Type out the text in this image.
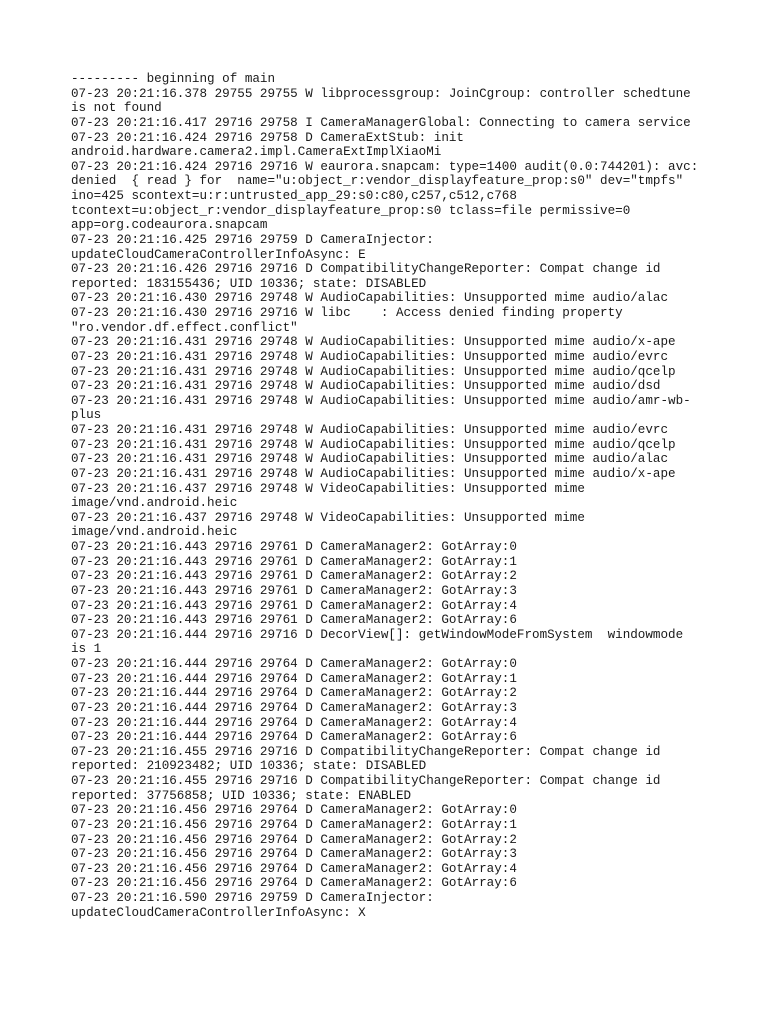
--------- beginning of main
07-23 20:21:16.378 29755 29755 W libprocessgroup: JoinCgroup: controller schedtune
is not found
07-23 20:21:16.417 29716 29758 I CameraManagerGlobal: Connecting to camera service
07-23 20:21:16.424 29716 29758 D CameraExtStub: init
android.hardware.camera2.impl.CameraExtImplXiaoMi
07-23 20:21:16.424 29716 29716 W eaurora.snapcam: type=1400 audit(0.0:744201): avc:
denied  { read } for  name="u:object_r:vendor_displayfeature_prop:s0" dev="tmpfs"
ino=425 scontext=u:r:untrusted_app_29:s0:c80,c257,c512,c768
tcontext=u:object_r:vendor_displayfeature_prop:s0 tclass=file permissive=0
app=org.codeaurora.snapcam
07-23 20:21:16.425 29716 29759 D CameraInjector:
updateCloudCameraControllerInfoAsync: E
07-23 20:21:16.426 29716 29716 D CompatibilityChangeReporter: Compat change id
reported: 183155436; UID 10336; state: DISABLED
07-23 20:21:16.430 29716 29748 W AudioCapabilities: Unsupported mime audio/alac
07-23 20:21:16.430 29716 29716 W libc    : Access denied finding property
"ro.vendor.df.effect.conflict"
07-23 20:21:16.431 29716 29748 W AudioCapabilities: Unsupported mime audio/x-ape
07-23 20:21:16.431 29716 29748 W AudioCapabilities: Unsupported mime audio/evrc
07-23 20:21:16.431 29716 29748 W AudioCapabilities: Unsupported mime audio/qcelp
07-23 20:21:16.431 29716 29748 W AudioCapabilities: Unsupported mime audio/dsd
07-23 20:21:16.431 29716 29748 W AudioCapabilities: Unsupported mime audio/amr-wb-
plus
07-23 20:21:16.431 29716 29748 W AudioCapabilities: Unsupported mime audio/evrc
07-23 20:21:16.431 29716 29748 W AudioCapabilities: Unsupported mime audio/qcelp
07-23 20:21:16.431 29716 29748 W AudioCapabilities: Unsupported mime audio/alac
07-23 20:21:16.431 29716 29748 W AudioCapabilities: Unsupported mime audio/x-ape
07-23 20:21:16.437 29716 29748 W VideoCapabilities: Unsupported mime
image/vnd.android.heic
07-23 20:21:16.437 29716 29748 W VideoCapabilities: Unsupported mime
image/vnd.android.heic
07-23 20:21:16.443 29716 29761 D CameraManager2: GotArray:0
07-23 20:21:16.443 29716 29761 D CameraManager2: GotArray:1
07-23 20:21:16.443 29716 29761 D CameraManager2: GotArray:2
07-23 20:21:16.443 29716 29761 D CameraManager2: GotArray:3
07-23 20:21:16.443 29716 29761 D CameraManager2: GotArray:4
07-23 20:21:16.443 29716 29761 D CameraManager2: GotArray:6
07-23 20:21:16.444 29716 29716 D DecorView[]: getWindowModeFromSystem  windowmode
is 1
07-23 20:21:16.444 29716 29764 D CameraManager2: GotArray:0
07-23 20:21:16.444 29716 29764 D CameraManager2: GotArray:1
07-23 20:21:16.444 29716 29764 D CameraManager2: GotArray:2
07-23 20:21:16.444 29716 29764 D CameraManager2: GotArray:3
07-23 20:21:16.444 29716 29764 D CameraManager2: GotArray:4
07-23 20:21:16.444 29716 29764 D CameraManager2: GotArray:6
07-23 20:21:16.455 29716 29716 D CompatibilityChangeReporter: Compat change id
reported: 210923482; UID 10336; state: DISABLED
07-23 20:21:16.455 29716 29716 D CompatibilityChangeReporter: Compat change id
reported: 37756858; UID 10336; state: ENABLED
07-23 20:21:16.456 29716 29764 D CameraManager2: GotArray:0
07-23 20:21:16.456 29716 29764 D CameraManager2: GotArray:1
07-23 20:21:16.456 29716 29764 D CameraManager2: GotArray:2
07-23 20:21:16.456 29716 29764 D CameraManager2: GotArray:3
07-23 20:21:16.456 29716 29764 D CameraManager2: GotArray:4
07-23 20:21:16.456 29716 29764 D CameraManager2: GotArray:6
07-23 20:21:16.590 29716 29759 D CameraInjector:
updateCloudCameraControllerInfoAsync: X
